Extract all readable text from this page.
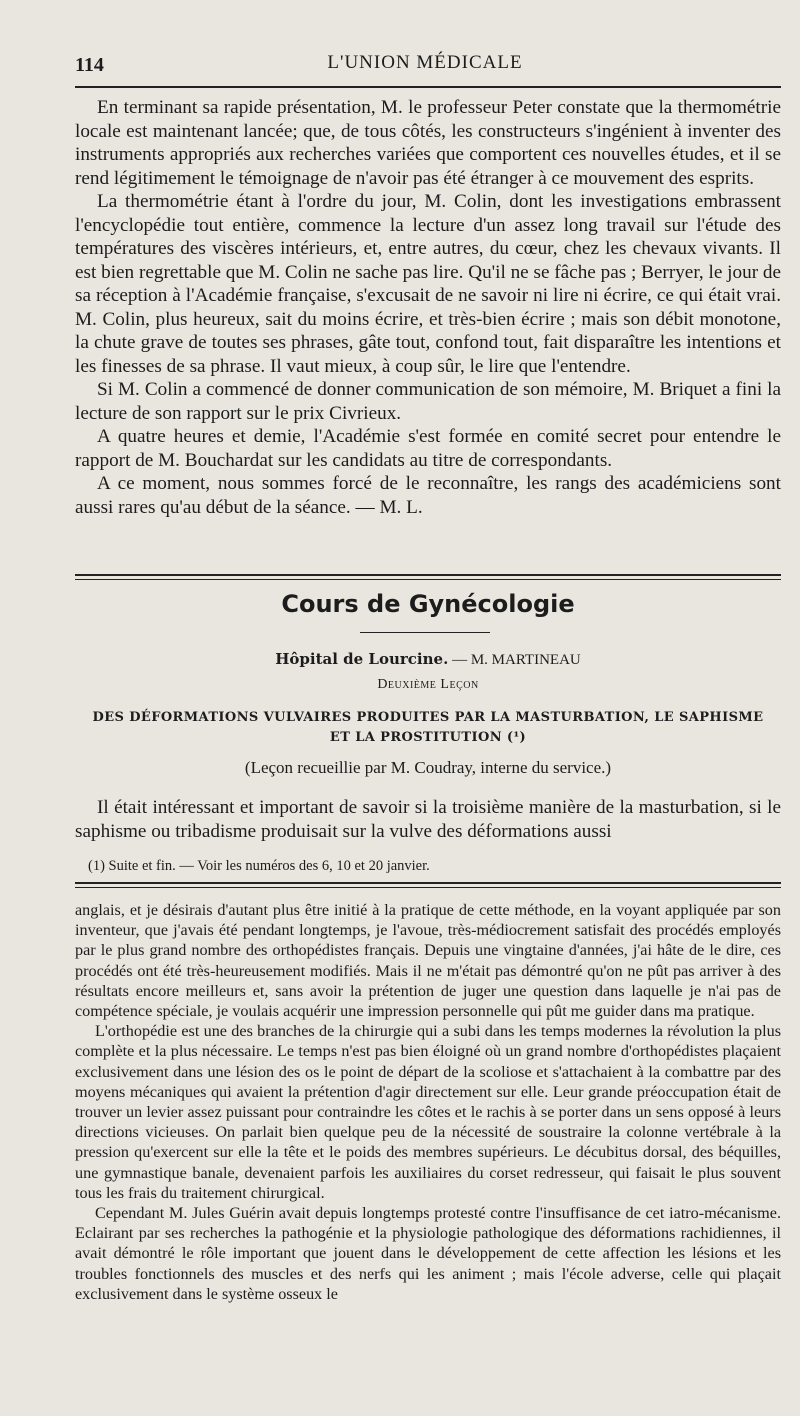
114	L'UNION MÉDICALE

En terminant sa rapide présentation, M. le professeur Peter constate que la thermométrie locale est maintenant lancée; que, de tous côtés, les constructeurs s'ingénient à inventer des instruments appropriés aux recherches variées que comportent ces nouvelles études, et il se rend légitimement le témoignage de n'avoir pas été étranger à ce mouvement des esprits.

La thermométrie étant à l'ordre du jour, M. Colin, dont les investigations embrassent l'encyclopédie tout entière, commence la lecture d'un assez long travail sur l'étude des températures des viscères intérieurs, et, entre autres, du cœur, chez les chevaux vivants. Il est bien regrettable que M. Colin ne sache pas lire. Qu'il ne se fâche pas ; Berryer, le jour de sa réception à l'Académie française, s'excusait de ne savoir ni lire ni écrire, ce qui était vrai. M. Colin, plus heureux, sait du moins écrire, et très-bien écrire ; mais son débit monotone, la chute grave de toutes ses phrases, gâte tout, confond tout, fait disparaître les intentions et les finesses de sa phrase. Il vaut mieux, à coup sûr, le lire que l'entendre.

Si M. Colin a commencé de donner communication de son mémoire, M. Briquet a fini la lecture de son rapport sur le prix Civrieux.

A quatre heures et demie, l'Académie s'est formée en comité secret pour entendre le rapport de M. Bouchardat sur les candidats au titre de correspondants.

A ce moment, nous sommes forcé de le reconnaître, les rangs des académiciens sont aussi rares qu'au début de la séance. — M. L.

Cours de Gynécologie
Hôpital de Lourcine. — M. MARTINEAU
Deuxième Leçon
DES DÉFORMATIONS VULVAIRES PRODUITES PAR LA MASTURBATION, LE SAPHISME
ET LA PROSTITUTION (¹)
(Leçon recueillie par M. Coudray, interne du service.)

Il était intéressant et important de savoir si la troisième manière de la masturbation, si le saphisme ou tribadisme produisait sur la vulve des déformations aussi

(1) Suite et fin. — Voir les numéros des 6, 10 et 20 janvier.

anglais, et je désirais d'autant plus être initié à la pratique de cette méthode, en la voyant appliquée par son inventeur, que j'avais été pendant longtemps, je l'avoue, très-médiocrement satisfait des procédés employés par le plus grand nombre des orthopédistes français. Depuis une vingtaine d'années, j'ai hâte de le dire, ces procédés ont été très-heureusement modifiés. Mais il ne m'était pas démontré qu'on ne pût pas arriver à des résultats encore meilleurs et, sans avoir la prétention de juger une question dans laquelle je n'ai pas de compétence spéciale, je voulais acquérir une impression personnelle qui pût me guider dans ma pratique.

L'orthopédie est une des branches de la chirurgie qui a subi dans les temps modernes la révolution la plus complète et la plus nécessaire. Le temps n'est pas bien éloigné où un grand nombre d'orthopédistes plaçaient exclusivement dans une lésion des os le point de départ de la scoliose et s'attachaient à la combattre par des moyens mécaniques qui avaient la prétention d'agir directement sur elle. Leur grande préoccupation était de trouver un levier assez puissant pour contraindre les côtes et le rachis à se porter dans un sens opposé à leurs directions vicieuses. On parlait bien quelque peu de la nécessité de soustraire la colonne vertébrale à la pression qu'exercent sur elle la tête et le poids des membres supérieurs. Le décubitus dorsal, des béquilles, une gymnastique banale, devenaient parfois les auxiliaires du corset redresseur, qui faisait le plus souvent tous les frais du traitement chirurgical.

Cependant M. Jules Guérin avait depuis longtemps protesté contre l'insuffisance de cet iatro-mécanisme. Eclairant par ses recherches la pathogénie et la physiologie pathologique des déformations rachidiennes, il avait démontré le rôle important que jouent dans le développement de cette affection les lésions et les troubles fonctionnels des muscles et des nerfs qui les animent ; mais l'école adverse, celle qui plaçait exclusivement dans le système osseux le
